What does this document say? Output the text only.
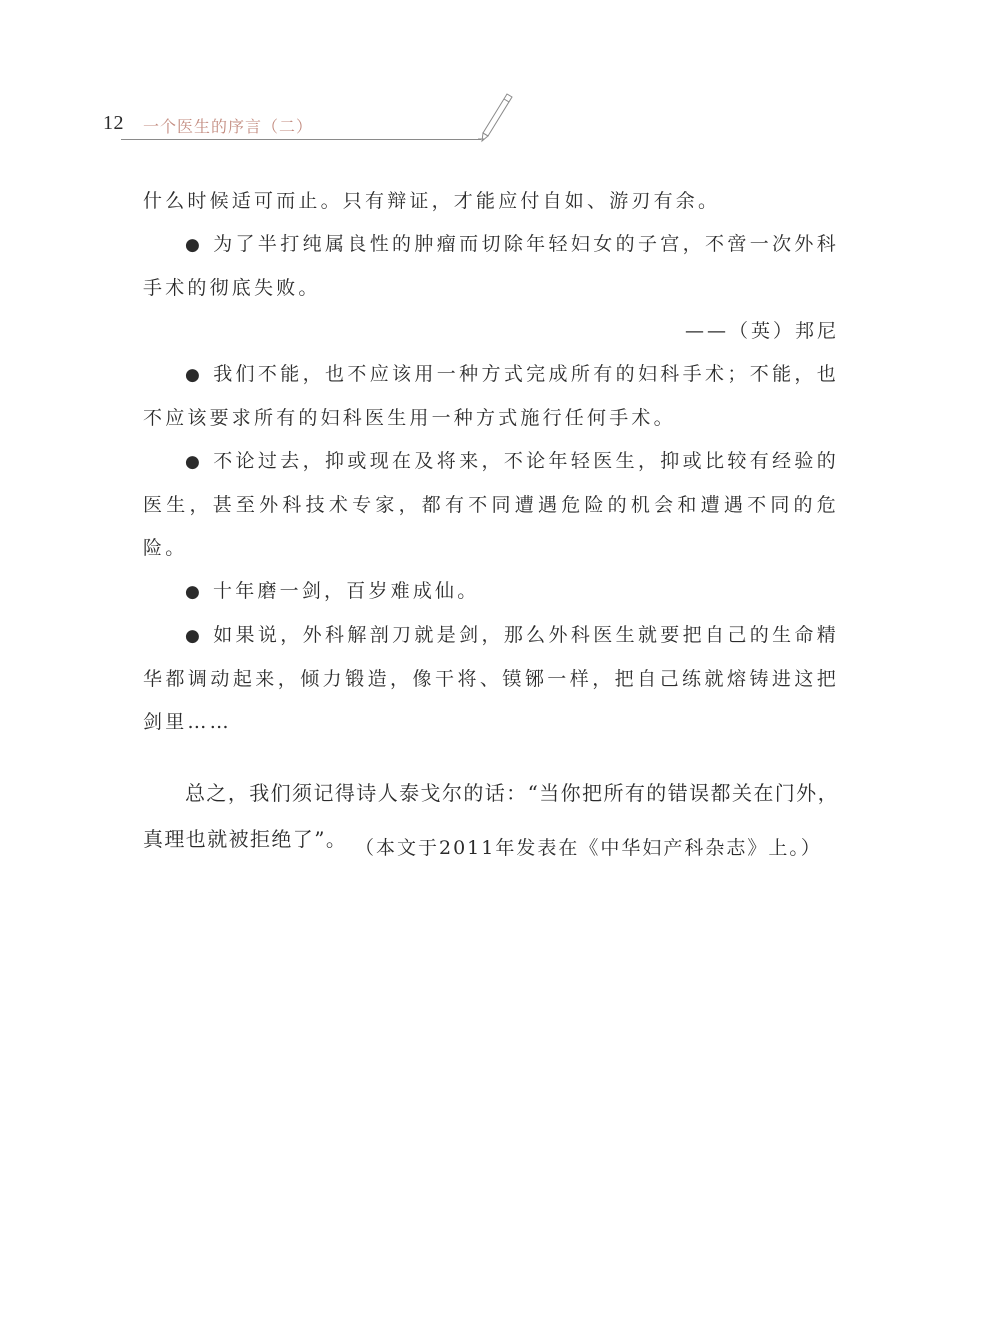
12 一个医生的序言（二）

什么时候适可而止。只有辩证，才能应付自如、游刃有余。

● 为了半打纯属良性的肿瘤而切除年轻妇女的子宫，不啻一次外科手术的彻底失败。

——（英）邦尼

● 我们不能，也不应该用一种方式完成所有的妇科手术；不能，也不应该要求所有的妇科医生用一种方式施行任何手术。

● 不论过去，抑或现在及将来，不论年轻医生，抑或比较有经验的医生，甚至外科技术专家，都有不同遭遇危险的机会和遭遇不同的危险。

● 十年磨一剑，百岁难成仙。

● 如果说，外科解剖刀就是剑，那么外科医生就要把自己的生命精华都调动起来，倾力锻造，像干将、镆铘一样，把自己练就熔铸进这把剑里……

总之，我们须记得诗人泰戈尔的话：“当你把所有的错误都关在门外，真理也就被拒绝了”。 （本文于2011年发表在《中华妇产科杂志》上。）
